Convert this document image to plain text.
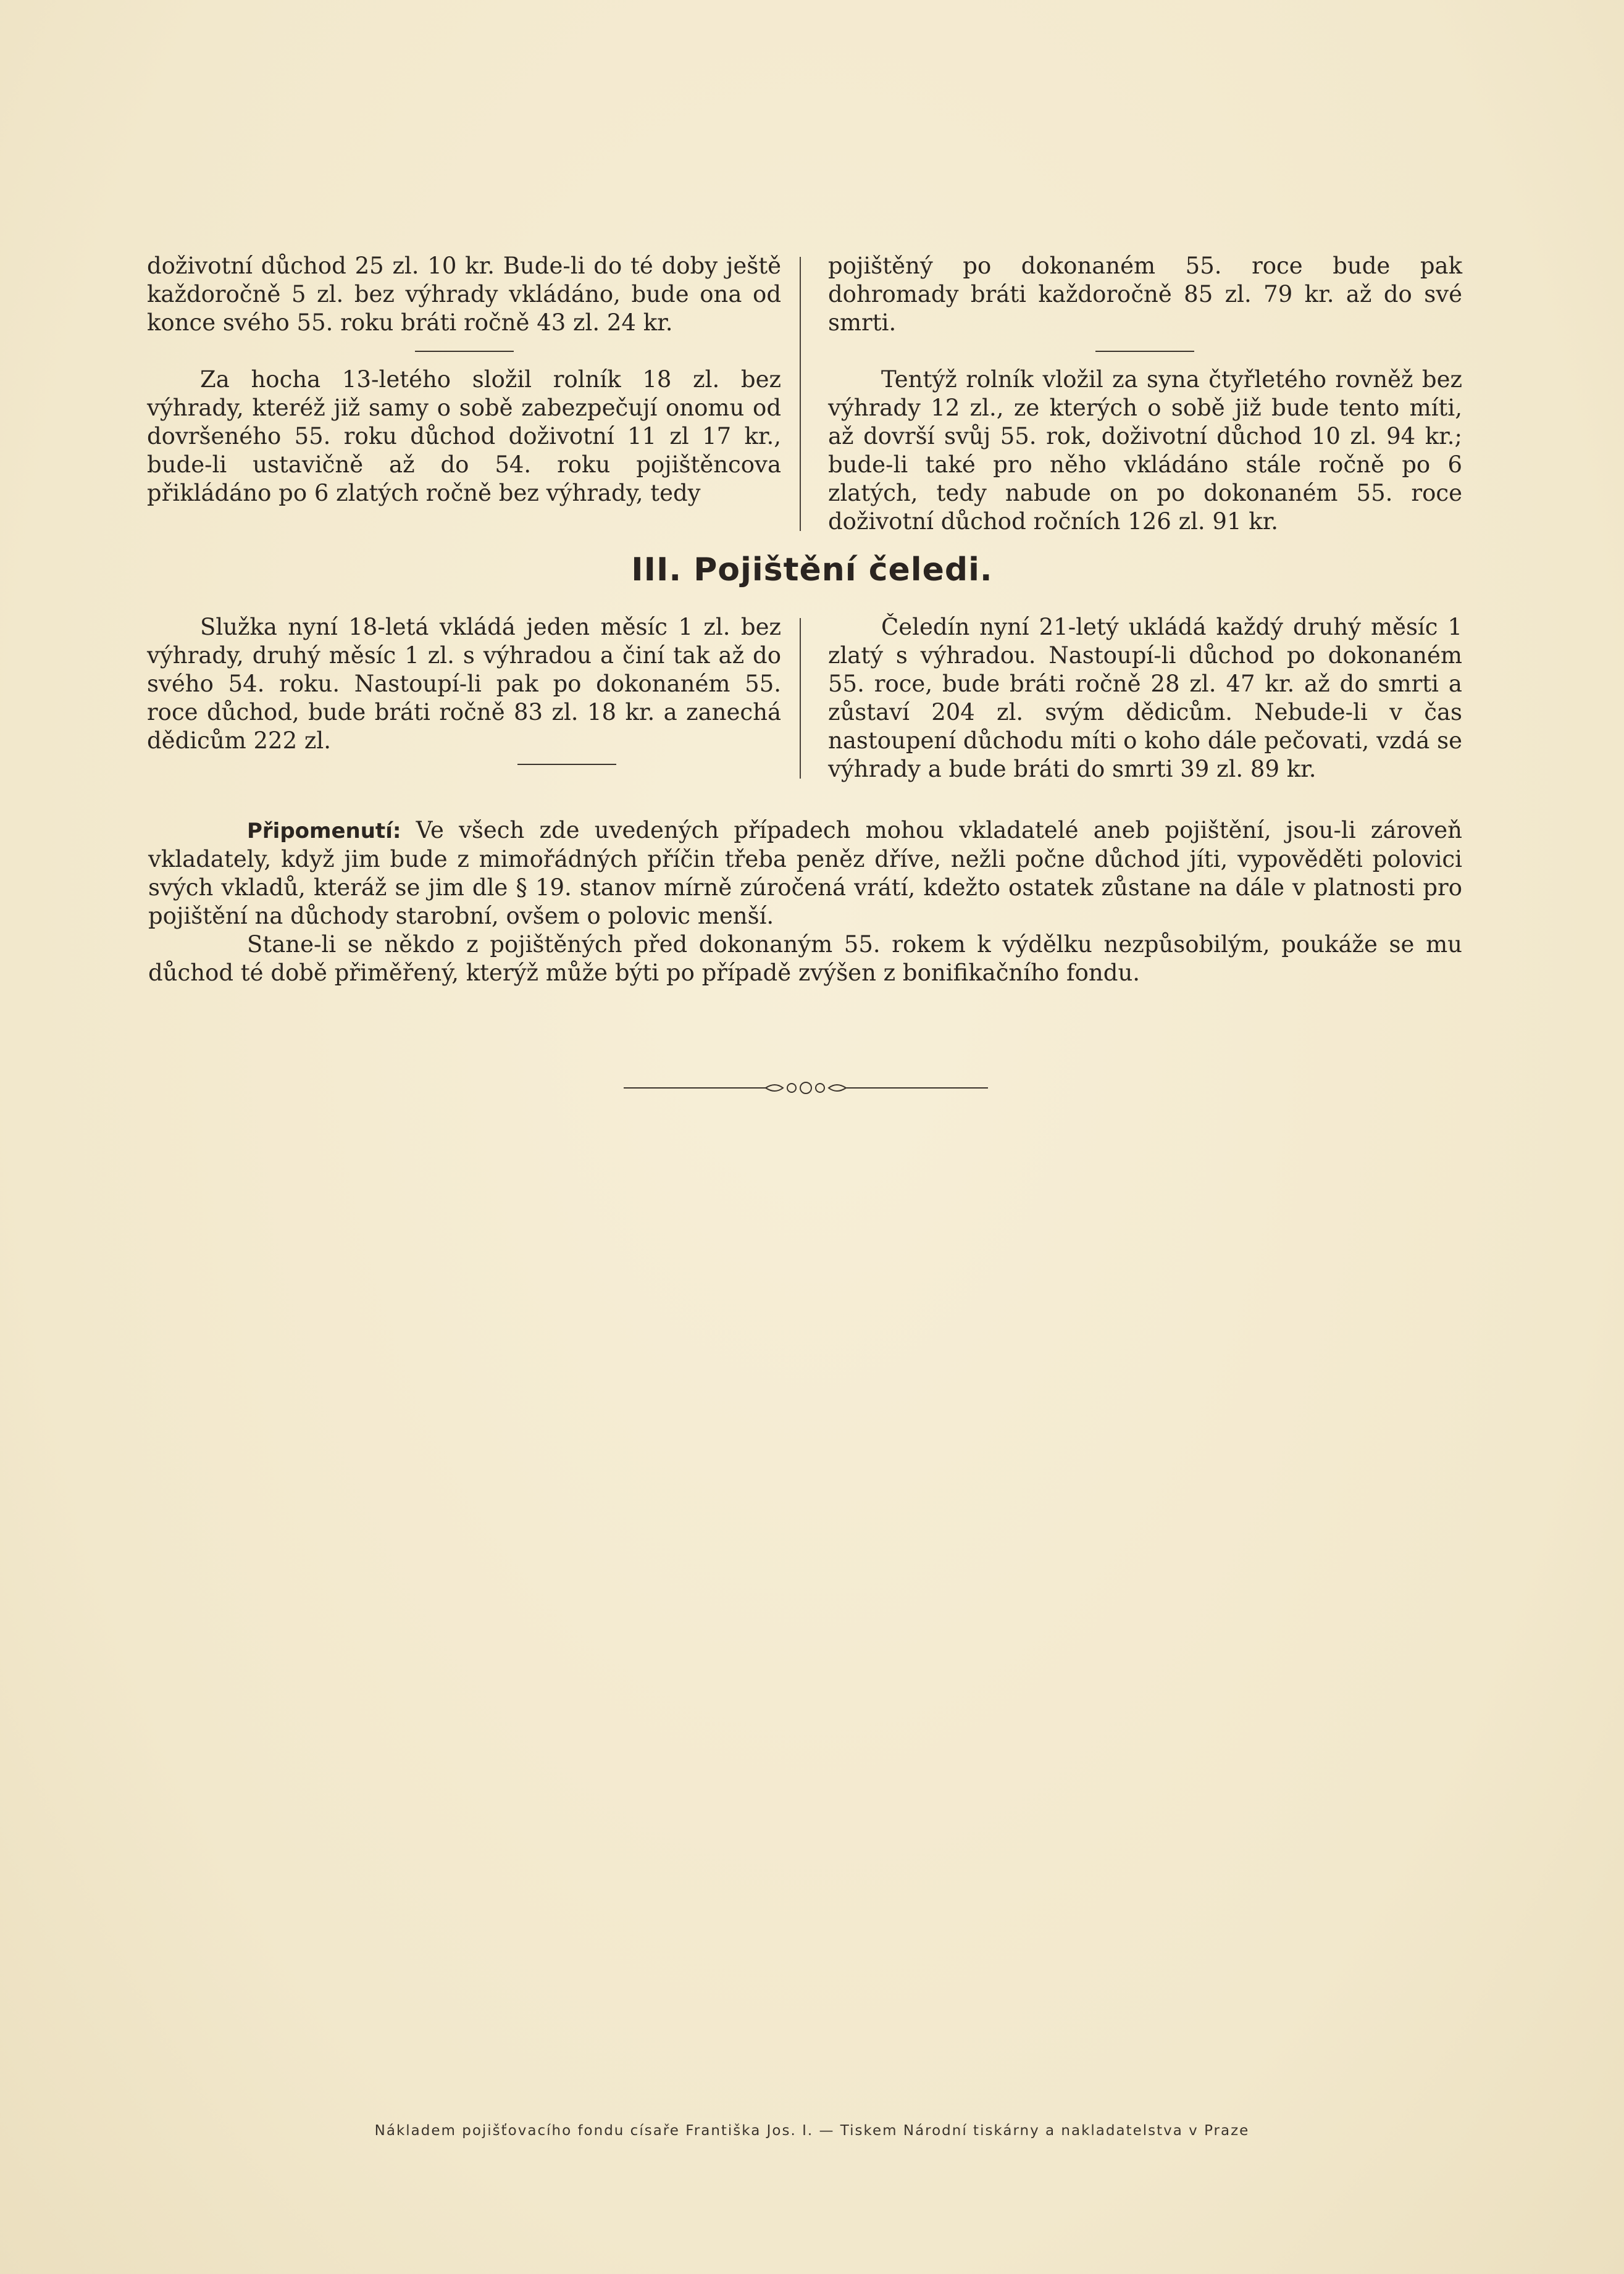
doživotní důchod 25 zl. 10 kr. Bude-li do té doby ještě každoročně 5 zl. bez výhrady vkládáno, bude ona od konce svého 55. roku bráti ročně 43 zl. 24 kr.

Za hocha 13-letého složil rolník 18 zl. bez výhrady, kteréž již samy o sobě zabezpečují onomu od dovršeného 55. roku důchod doživotní 11 zl 17 kr., bude-li ustavičně až do 54. roku pojištěncova přikládáno po 6 zlatých ročně bez výhrady, tedy

pojištěný po dokonaném 55. roce bude pak dohromady bráti každoročně 85 zl. 79 kr. až do své smrti.

Tentýž rolník vložil za syna čtyřletého rovněž bez výhrady 12 zl., ze kterých o sobě již bude tento míti, až dovrší svůj 55. rok, doživotní důchod 10 zl. 94 kr.; bude-li také pro něho vkládáno stále ročně po 6 zlatých, tedy nabude on po dokonaném 55. roce doživotní důchod ročních 126 zl. 91 kr.

III. Pojištění čeledi.

Služka nyní 18-letá vkládá jeden měsíc 1 zl. bez výhrady, druhý měsíc 1 zl. s výhradou a činí tak až do svého 54. roku. Nastoupí-li pak po dokonaném 55. roce důchod, bude bráti ročně 83 zl. 18 kr. a zanechá dědicům 222 zl.

Čeledín nyní 21-letý ukládá každý druhý měsíc 1 zlatý s výhradou. Nastoupí-li důchod po dokonaném 55. roce, bude bráti ročně 28 zl. 47 kr. až do smrti a zůstaví 204 zl. svým dědicům. Nebude-li v čas nastoupení důchodu míti o koho dále pečovati, vzdá se výhrady a bude bráti do smrti 39 zl. 89 kr.

Připomenutí: Ve všech zde uvedených případech mohou vkladatelé aneb pojištění, jsou-li zároveň vkladately, když jim bude z mimořádných příčin třeba peněz dříve, nežli počne důchod jíti, vypověděti polovici svých vkladů, kteráž se jim dle § 19. stanov mírně zúročená vrátí, kdežto ostatek zůstane na dále v platnosti pro pojištění na důchody starobní, ovšem o polovic menší.

Stane-li se někdo z pojištěných před dokonaným 55. rokem k výdělku nezpůsobilým, poukáže se mu důchod té době přiměřený, kterýž může býti po případě zvýšen z bonifikačního fondu.

Nákladem pojišťovacího fondu císaře Františka Jos. I. — Tiskem Národní tiskárny a nakladatelstva v Praze
